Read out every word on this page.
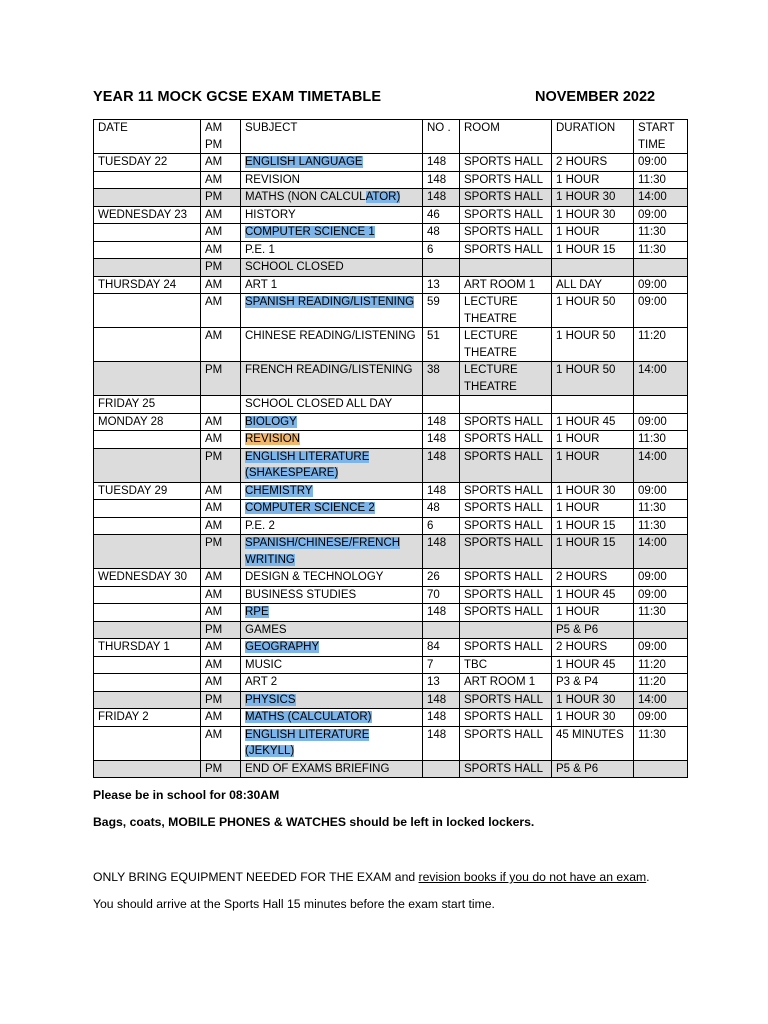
YEAR 11 MOCK GCSE EXAM TIMETABLE	NOVEMBER 2022
DATE	AM PM	SUBJECT	NO .	ROOM	DURATION	START TIME
TUESDAY 22	AM	ENGLISH LANGUAGE	148	SPORTS HALL	2 HOURS	09:00
	AM	REVISION	148	SPORTS HALL	1 HOUR	11:30
	PM	MATHS (NON CALCULATOR)	148	SPORTS HALL	1 HOUR 30	14:00
WEDNESDAY 23	AM	HISTORY	46	SPORTS HALL	1 HOUR 30	09:00
	AM	COMPUTER SCIENCE 1	48	SPORTS HALL	1 HOUR	11:30
	AM	P.E. 1	6	SPORTS HALL	1 HOUR 15	11:30
	PM	SCHOOL CLOSED				
THURSDAY 24	AM	ART 1	13	ART ROOM 1	ALL DAY	09:00
	AM	SPANISH READING/LISTENING	59	LECTURE THEATRE	1 HOUR 50	09:00
	AM	CHINESE READING/LISTENING	51	LECTURE THEATRE	1 HOUR 50	11:20
	PM	FRENCH READING/LISTENING	38	LECTURE THEATRE	1 HOUR 50	14:00
FRIDAY 25		SCHOOL CLOSED ALL DAY				
MONDAY 28	AM	BIOLOGY	148	SPORTS HALL	1 HOUR 45	09:00
	AM	REVISION	148	SPORTS HALL	1 HOUR	11:30
	PM	ENGLISH LITERATURE (SHAKESPEARE)	148	SPORTS HALL	1 HOUR	14:00
TUESDAY 29	AM	CHEMISTRY	148	SPORTS HALL	1 HOUR 30	09:00
	AM	COMPUTER SCIENCE 2	48	SPORTS HALL	1 HOUR	11:30
	AM	P.E. 2	6	SPORTS HALL	1 HOUR 15	11:30
	PM	SPANISH/CHINESE/FRENCH WRITING	148	SPORTS HALL	1 HOUR 15	14:00
WEDNESDAY 30	AM	DESIGN & TECHNOLOGY	26	SPORTS HALL	2 HOURS	09:00
	AM	BUSINESS STUDIES	70	SPORTS HALL	1 HOUR 45	09:00
	AM	RPE	148	SPORTS HALL	1 HOUR	11:30
	PM	GAMES			P5 & P6	
THURSDAY 1	AM	GEOGRAPHY	84	SPORTS HALL	2 HOURS	09:00
	AM	MUSIC	7	TBC	1 HOUR 45	11:20
	AM	ART 2	13	ART ROOM 1	P3 & P4	11:20
	PM	PHYSICS	148	SPORTS HALL	1 HOUR 30	14:00
FRIDAY 2	AM	MATHS (CALCULATOR)	148	SPORTS HALL	1 HOUR 30	09:00
	AM	ENGLISH LITERATURE (JEKYLL)	148	SPORTS HALL	45 MINUTES	11:30
	PM	END OF EXAMS BRIEFING		SPORTS HALL	P5 & P6	
Please be in school for 08:30AM
Bags, coats, MOBILE PHONES & WATCHES should be left in locked lockers.
ONLY BRING EQUIPMENT NEEDED FOR THE EXAM and revision books if you do not have an exam.
You should arrive at the Sports Hall 15 minutes before the exam start time.
